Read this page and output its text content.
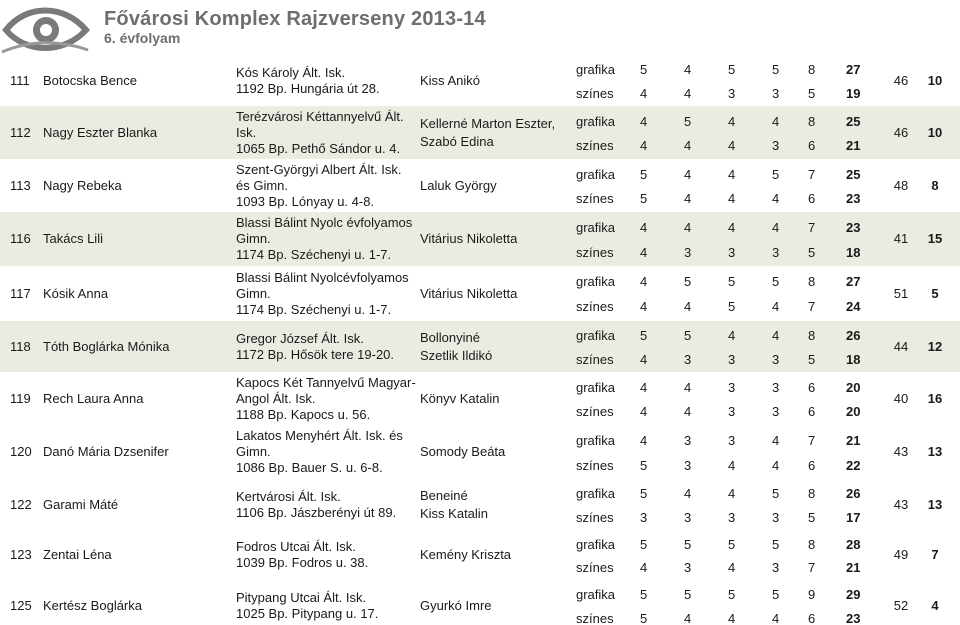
Fővárosi Komplex Rajzverseny 2013-14
6. évfolyam
111 Botocska Bence
Kós Károly Ált. Isk.
1192 Bp. Hungária út 28.
Kiss Anikó
grafika 5	4	5	5 8 27
színes 4	4	3	3 5 19
46	10
112 Nagy Eszter Blanka
Terézvárosi Kéttannyelvű Ált.
Isk.
1065 Bp. Pethő Sándor u. 4.
Kellerné Marton Eszter,
Szabó Edina
grafika 4	5	4	4 8 25
színes 4	4	4	3 6 21
46	10
113 Nagy Rebeka
Szent-Györgyi Albert Ált. Isk.
és Gimn.
1093 Bp. Lónyay u. 4-8.
Laluk György
grafika 5	4	4	5 7 25
színes 5	4	4	4 6 23
48	8
116 Takács Lili
Blassi Bálint Nyolc évfolyamos
Gimn.
1174 Bp. Széchenyi u. 1-7.
Vitárius Nikoletta
grafika 4	4	4	4 7 23
színes 4	3	3	3 5 18
41	15
117 Kósik Anna
Blassi Bálint Nyolcévfolyamos
Gimn.
1174 Bp. Széchenyi u. 1-7.
Vitárius Nikoletta
grafika 4	5	5	5 8 27
színes 4	4	5	4 7 24
51	5
118 Tóth Boglárka Mónika
Gregor József Ált. Isk.
1172 Bp. Hősök tere 19-20.
Bollonyiné
Szetlik Ildikó
grafika 5	5	4	4 8 26
színes 4	3	3	3 5 18
44	12
119 Rech Laura Anna
Kapocs Két Tannyelvű Magyar-
Angol Ált. Isk.
1188 Bp. Kapocs u. 56.
Könyv Katalin
grafika 4	4	3	3 6 20
színes 4	4	3	3 6 20
40	16
120 Danó Mária Dzsenifer
Lakatos Menyhért Ált. Isk. és
Gimn.
1086 Bp. Bauer S. u. 6-8.
Somody Beáta
grafika 4	3	3	4 7 21
színes 5	3	4	4 6 22
43	13
122 Garami Máté
Kertvárosi Ált. Isk.
1106 Bp. Jászberényi út 89.
Beneiné
Kiss Katalin
grafika 5	4	4	5 8 26
színes 3	3	3	3 5 17
43	13
123 Zentai Léna
Fodros Utcai Ált. Isk.
1039 Bp. Fodros u. 38.
Kemény Kriszta
grafika 5	5	5	5 8 28
színes 4	3	4	3 7 21
49	7
125 Kertész Boglárka
Pitypang Utcai Ált. Isk.
1025 Bp. Pitypang u. 17.
Gyurkó Imre
grafika 5	5	5	5 9 29
színes 5	4	4	4 6 23
52	4
